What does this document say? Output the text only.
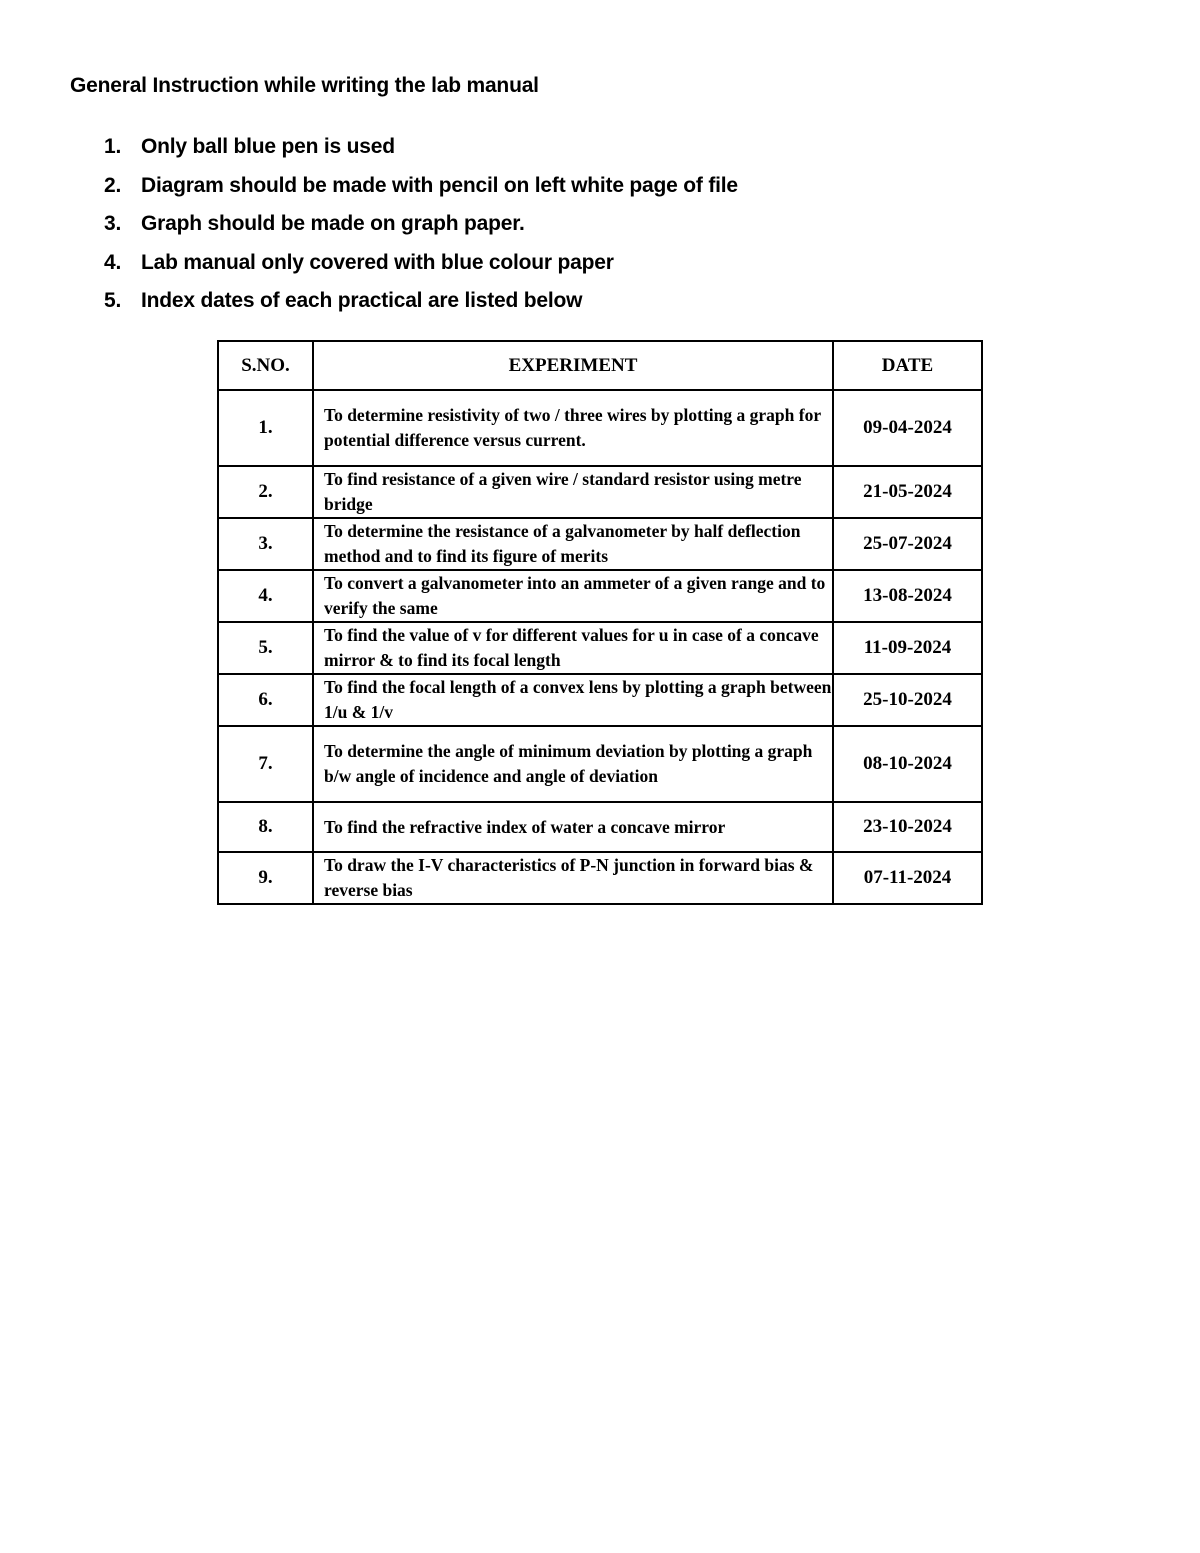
General Instruction while writing the lab manual
1. Only ball blue pen is used
2. Diagram should be made with pencil on left white page of file
3. Graph should be made on graph paper.
4. Lab manual only covered with blue colour paper
5. Index dates of each practical are listed below
S.NO.	EXPERIMENT	DATE
1.	To determine resistivity of two / three wires by plotting a graph for potential difference versus current.	09-04-2024
2.	To find resistance of a given wire / standard resistor using metre bridge	21-05-2024
3.	To determine the resistance of a galvanometer by half deflection method and to find its figure of merits	25-07-2024
4.	To convert a galvanometer into an ammeter of a given range and to verify the same	13-08-2024
5.	To find the value of v for different values for u in case of a concave mirror & to find its focal length	11-09-2024
6.	To find the focal length of a convex lens by plotting a graph between 1/u & 1/v	25-10-2024
7.	To determine the angle of minimum deviation by plotting a graph b/w angle of incidence and angle of deviation	08-10-2024
8.	To find the refractive index of water a concave mirror	23-10-2024
9.	To draw the I-V characteristics of P-N junction in forward bias & reverse bias	07-11-2024
